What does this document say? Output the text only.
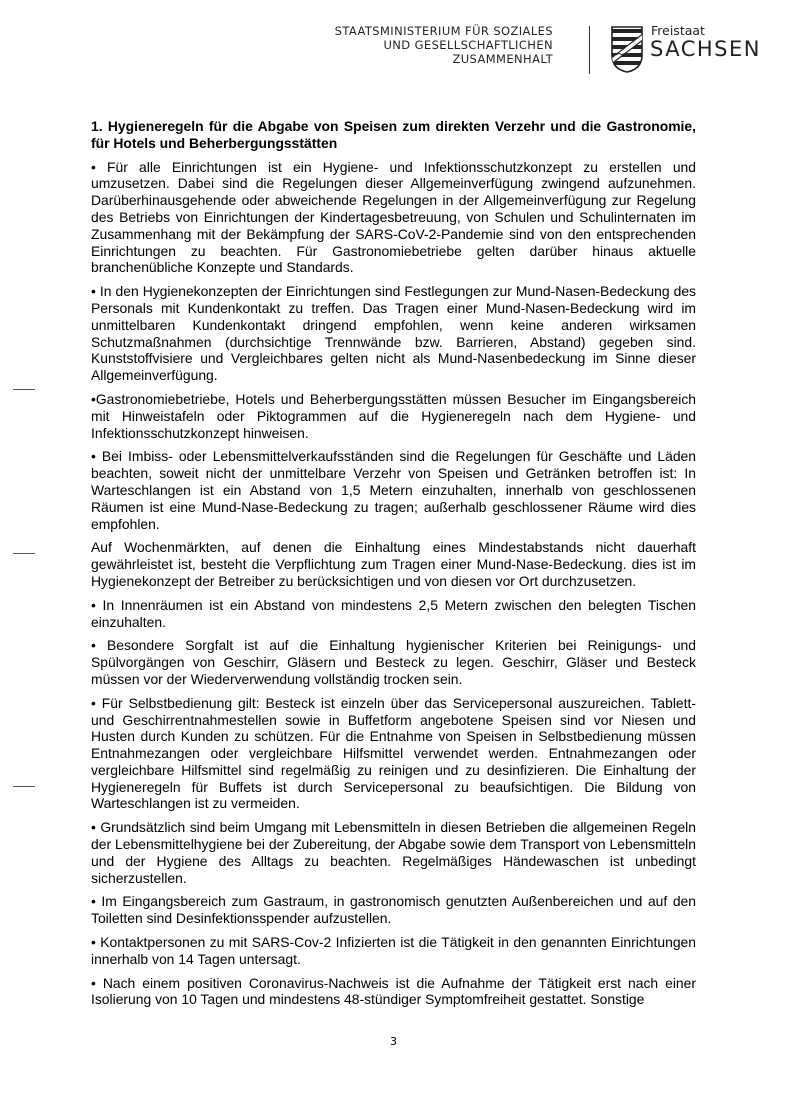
STAATSMINISTERIUM FÜR SOZIALES
UND GESELLSCHAFTLICHEN
ZUSAMMENHALT
Freistaat
SACHSEN
1. Hygieneregeln für die Abgabe von Speisen zum direkten Verzehr und die Gastronomie, für Hotels und Beherbergungsstätten

• Für alle Einrichtungen ist ein Hygiene- und Infektionsschutzkonzept zu erstellen und umzusetzen. Dabei sind die Regelungen dieser Allgemeinverfügung zwingend aufzunehmen. Darüberhinausgehende oder abweichende Regelungen in der Allgemeinverfügung zur Regelung des Betriebs von Einrichtungen der Kindertagesbetreuung, von Schulen und Schulinternaten im Zusammenhang mit der Bekämpfung der SARS-CoV-2-Pandemie sind von den entsprechenden Einrichtungen zu beachten. Für Gastronomiebetriebe gelten darüber hinaus aktuelle branchenübliche Konzepte und Standards.

• In den Hygienekonzepten der Einrichtungen sind Festlegungen zur Mund-Nasen-Bedeckung des Personals mit Kundenkontakt zu treffen. Das Tragen einer Mund-Nasen-Bedeckung wird im unmittelbaren Kundenkontakt dringend empfohlen, wenn keine anderen wirksamen Schutzmaßnahmen (durchsichtige Trennwände bzw. Barrieren, Abstand) gegeben sind. Kunststoffvisiere und Vergleichbares gelten nicht als Mund-Nasenbedeckung im Sinne dieser Allgemeinverfügung.

•Gastronomiebetriebe, Hotels und Beherbergungsstätten müssen Besucher im Eingangsbereich mit Hinweistafeln oder Piktogrammen auf die Hygieneregeln nach dem Hygiene- und Infektionsschutzkonzept hinweisen.

• Bei Imbiss- oder Lebensmittelverkaufsständen sind die Regelungen für Geschäfte und Läden beachten, soweit nicht der unmittelbare Verzehr von Speisen und Getränken betroffen ist: In Warteschlangen ist ein Abstand von 1,5 Metern einzuhalten, innerhalb von geschlossenen Räumen ist eine Mund-Nase-Bedeckung zu tragen; außerhalb geschlossener Räume wird dies empfohlen.

Auf Wochenmärkten, auf denen die Einhaltung eines Mindestabstands nicht dauerhaft gewährleistet ist, besteht die Verpflichtung zum Tragen einer Mund-Nase-Bedeckung. dies ist im Hygienekonzept der Betreiber zu berücksichtigen und von diesen vor Ort durchzusetzen.

• In Innenräumen ist ein Abstand von mindestens 2,5 Metern zwischen den belegten Tischen einzuhalten.

• Besondere Sorgfalt ist auf die Einhaltung hygienischer Kriterien bei Reinigungs- und Spülvorgängen von Geschirr, Gläsern und Besteck zu legen. Geschirr, Gläser und Besteck müssen vor der Wiederverwendung vollständig trocken sein.

• Für Selbstbedienung gilt: Besteck ist einzeln über das Servicepersonal auszureichen. Tablett- und Geschirrentnahmestellen sowie in Buffetform angebotene Speisen sind vor Niesen und Husten durch Kunden zu schützen. Für die Entnahme von Speisen in Selbstbedienung müssen Entnahmezangen oder vergleichbare Hilfsmittel verwendet werden. Entnahmezangen oder vergleichbare Hilfsmittel sind regelmäßig zu reinigen und zu desinfizieren. Die Einhaltung der Hygieneregeln für Buffets ist durch Servicepersonal zu beaufsichtigen. Die Bildung von Warteschlangen ist zu vermeiden.

• Grundsätzlich sind beim Umgang mit Lebensmitteln in diesen Betrieben die allgemeinen Regeln der Lebensmittelhygiene bei der Zubereitung, der Abgabe sowie dem Transport von Lebensmitteln und der Hygiene des Alltags zu beachten. Regelmäßiges Händewaschen ist unbedingt sicherzustellen.

• Im Eingangsbereich zum Gastraum, in gastronomisch genutzten Außenbereichen und auf den Toiletten sind Desinfektionsspender aufzustellen.

• Kontaktpersonen zu mit SARS-Cov-2 Infizierten ist die Tätigkeit in den genannten Einrichtungen innerhalb von 14 Tagen untersagt.

• Nach einem positiven Coronavirus-Nachweis ist die Aufnahme der Tätigkeit erst nach einer Isolierung von 10 Tagen und mindestens 48-stündiger Symptomfreiheit gestattet. Sonstige

3
